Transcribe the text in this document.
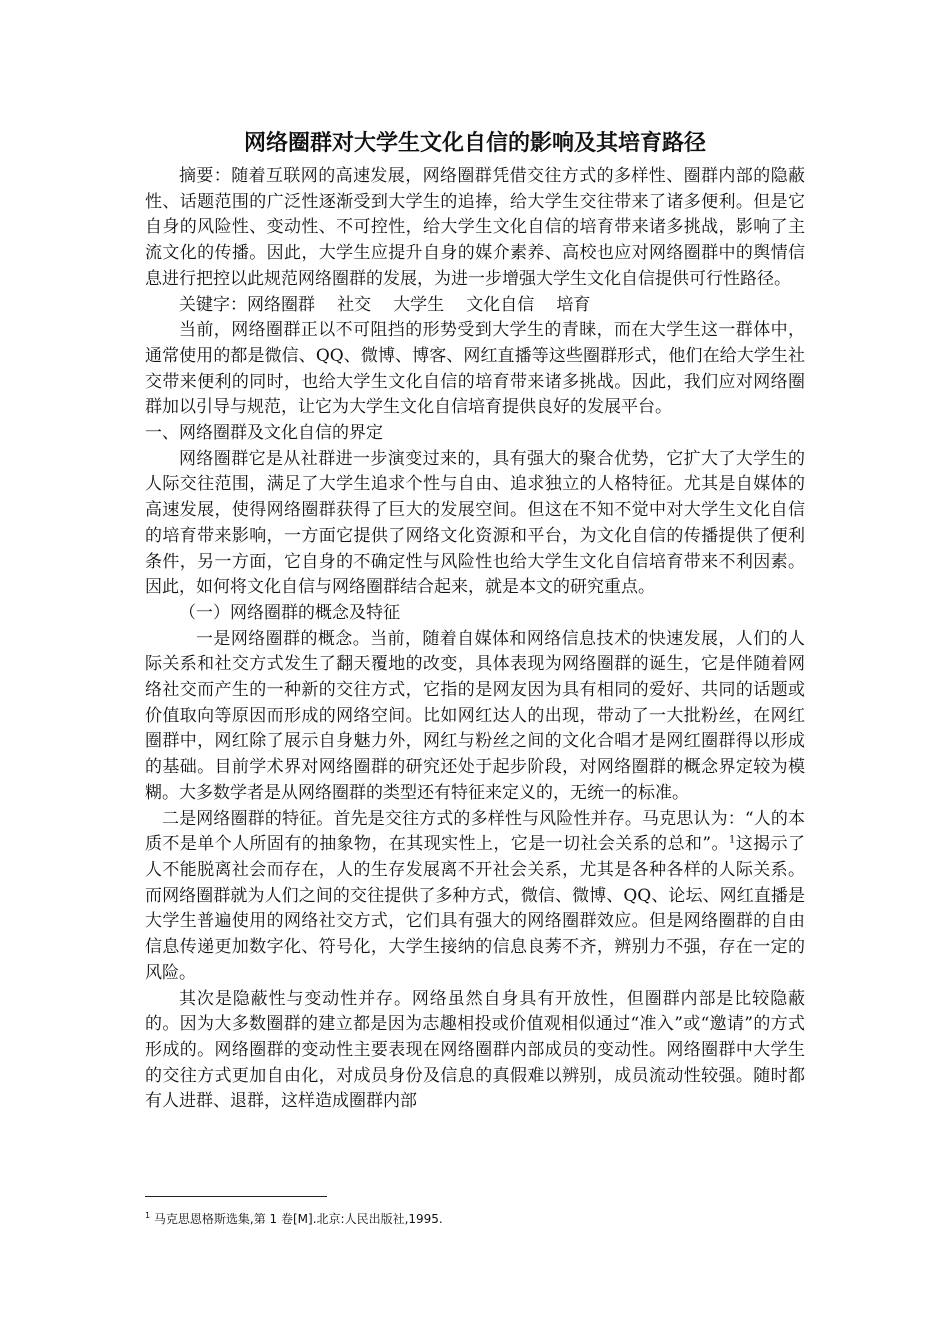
网络圈群对大学生文化自信的影响及其培育路径

摘要：随着互联网的高速发展，网络圈群凭借交往方式的多样性、圈群内部的隐蔽性、话题范围的广泛性逐渐受到大学生的追捧，给大学生交往带来了诸多便利。但是它自身的风险性、变动性、不可控性，给大学生文化自信的培育带来诸多挑战，影响了主流文化的传播。因此，大学生应提升自身的媒介素养、高校也应对网络圈群中的舆情信息进行把控以此规范网络圈群的发展，为进一步增强大学生文化自信提供可行性路径。

关键字：网络圈群 社交 大学生 文化自信 培育

当前，网络圈群正以不可阻挡的形势受到大学生的青睐，而在大学生这一群体中，通常使用的都是微信、QQ、微博、博客、网红直播等这些圈群形式，他们在给大学生社交带来便利的同时，也给大学生文化自信的培育带来诸多挑战。因此，我们应对网络圈群加以引导与规范，让它为大学生文化自信培育提供良好的发展平台。

一、网络圈群及文化自信的界定

网络圈群它是从社群进一步演变过来的，具有强大的聚合优势，它扩大了大学生的人际交往范围，满足了大学生追求个性与自由、追求独立的人格特征。尤其是自媒体的高速发展，使得网络圈群获得了巨大的发展空间。但这在不知不觉中对大学生文化自信的培育带来影响，一方面它提供了网络文化资源和平台，为文化自信的传播提供了便利条件，另一方面，它自身的不确定性与风险性也给大学生文化自信培育带来不利因素。因此，如何将文化自信与网络圈群结合起来，就是本文的研究重点。

（一）网络圈群的概念及特征

一是网络圈群的概念。当前，随着自媒体和网络信息技术的快速发展，人们的人际关系和社交方式发生了翻天覆地的改变，具体表现为网络圈群的诞生，它是伴随着网络社交而产生的一种新的交往方式，它指的是网友因为具有相同的爱好、共同的话题或价值取向等原因而形成的网络空间。比如网红达人的出现，带动了一大批粉丝，在网红圈群中，网红除了展示自身魅力外，网红与粉丝之间的文化合唱才是网红圈群得以形成的基础。目前学术界对网络圈群的研究还处于起步阶段，对网络圈群的概念界定较为模糊。大多数学者是从网络圈群的类型还有特征来定义的，无统一的标准。

二是网络圈群的特征。首先是交往方式的多样性与风险性并存。马克思认为：“人的本质不是单个人所固有的抽象物，在其现实性上，它是一切社会关系的总和”。$^1$这揭示了人不能脱离社会而存在，人的生存发展离不开社会关系，尤其是各种各样的人际关系。而网络圈群就为人们之间的交往提供了多种方式，微信、微博、QQ、论坛、网红直播是大学生普遍使用的网络社交方式，它们具有强大的网络圈群效应。但是网络圈群的自由信息传递更加数字化、符号化，大学生接纳的信息良莠不齐，辨别力不强，存在一定的风险。

其次是隐蔽性与变动性并存。网络虽然自身具有开放性，但圈群内部是比较隐蔽的。因为大多数圈群的建立都是因为志趣相投或价值观相似通过“准入”或“邀请”的方式形成的。网络圈群的变动性主要表现在网络圈群内部成员的变动性。网络圈群中大学生的交往方式更加自由化，对成员身份及信息的真假难以辨别，成员流动性较强。随时都有人进群、退群，这样造成圈群内部

$^1$ 马克思恩格斯选集,第 1 卷[M].北京:人民出版社,1995.
